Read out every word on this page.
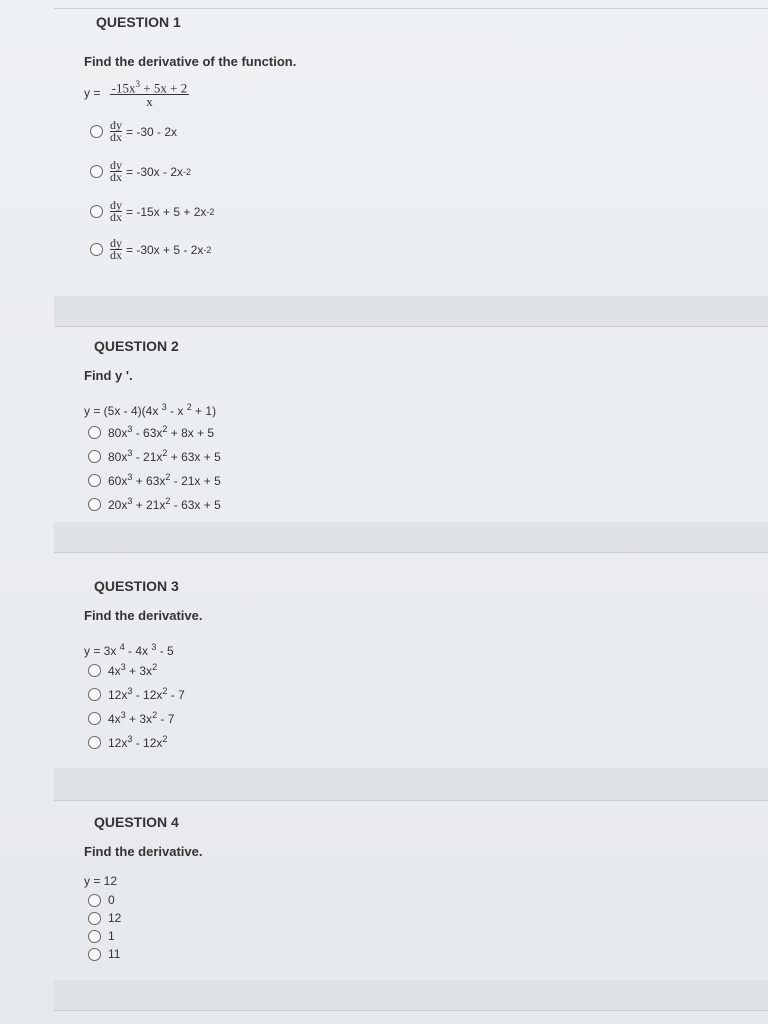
QUESTION 1
Find the derivative of the function.
$y = \frac{-15x^3 + 5x + 2}{x}$
$\frac{dy}{dx} = -30 - 2x$
$\frac{dy}{dx} = -30x - 2x$ -2
$\frac{dy}{dx} = -15x + 5 + 2x$ -2
$\frac{dy}{dx} = -30x + 5 - 2x$ -2
QUESTION 2
Find y '.
y = (5x - 4)(4x $^3$ - x $^2$ + 1)
$80x^3 - 63x^2 + 8x + 5$
$80x^3 - 21x^2 + 63x + 5$
$60x^3 + 63x^2 - 21x + 5$
$20x^3 + 21x^2 - 63x + 5$
QUESTION 3
Find the derivative.
y = 3x $^4$ - 4x $^3$ - 5
$4x^3 + 3x^2$
$12x^3 - 12x^2 - 7$
$4x^3 + 3x^2 - 7$
$12x^3 - 12x^2$
QUESTION 4
Find the derivative.
y = 12
0
12
1
11
